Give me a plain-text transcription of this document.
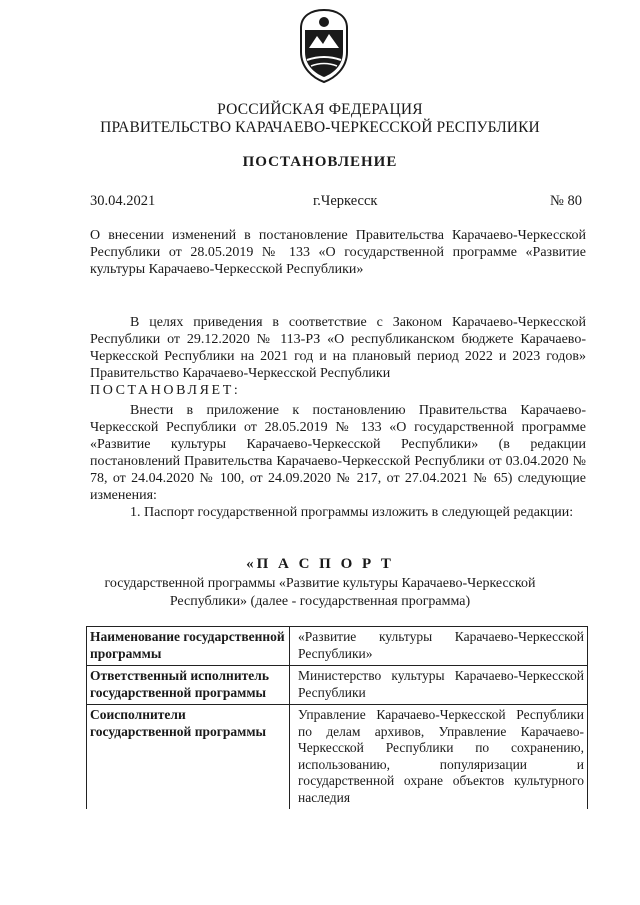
РОССИЙСКАЯ ФЕДЕРАЦИЯ
ПРАВИТЕЛЬСТВО КАРАЧАЕВО-ЧЕРКЕССКОЙ РЕСПУБЛИКИ
ПОСТАНОВЛЕНИЕ
30.04.2021	г.Черкесск	№ 80
О внесении изменений в постановление Правительства Карачаево-Черкесской Республики от 28.05.2019 № 133 «О государственной программе «Развитие культуры Карачаево-Черкесской Республики»
В целях приведения в соответствие с Законом Карачаево-Черкесской Республики от 29.12.2020 № 113-РЗ «О республиканском бюджете Карачаево-Черкесской Республики на 2021 год и на плановый период 2022 и 2023 годов» Правительство Карачаево-Черкесской Республики
ПОСТАНОВЛЯЕТ:
Внести в приложение к постановлению Правительства Карачаево-Черкесской Республики от 28.05.2019 № 133 «О государственной программе «Развитие культуры Карачаево-Черкесской Республики» (в редакции постановлений Правительства Карачаево-Черкесской Республики от 03.04.2020 № 78, от 24.04.2020 № 100, от 24.09.2020 № 217, от 27.04.2021 № 65) следующие изменения:
1. Паспорт государственной программы изложить в следующей редакции:
«П А С П О Р Т
государственной программы «Развитие культуры Карачаево-Черкесской
Республики» (далее - государственная программа)
Наименование государственной программы	«Развитие культуры Карачаево-Черкесской Республики»
Ответственный исполнитель государственной программы	Министерство культуры Карачаево-Черкесской Республики
Соисполнители государственной программы	Управление Карачаево-Черкесской Республики по делам архивов, Управление Карачаево-Черкесской Республики по сохранению, использованию, популяризации и государственной охране объектов культурного наследия
